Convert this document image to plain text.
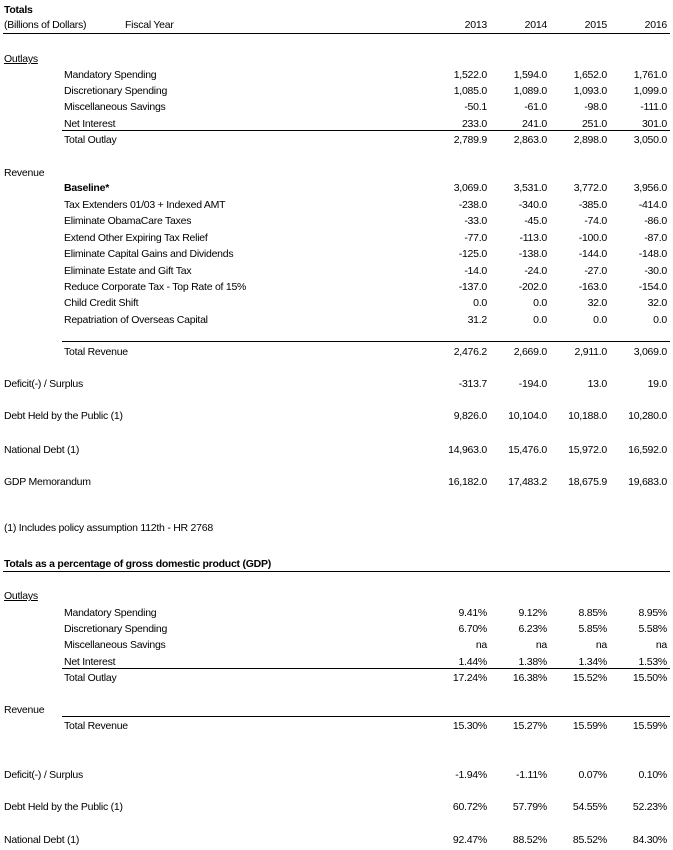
Totals
(Billions of Dollars)	Fiscal Year	2013	2014	2015	2016
Outlays
Mandatory Spending	1,522.0	1,594.0	1,652.0	1,761.0
Discretionary Spending	1,085.0	1,089.0	1,093.0	1,099.0
Miscellaneous Savings	-50.1	-61.0	-98.0	-111.0
Net Interest	233.0	241.0	251.0	301.0
Total Outlay	2,789.9	2,863.0	2,898.0	3,050.0
Revenue
Baseline*	3,069.0	3,531.0	3,772.0	3,956.0
Tax Extenders 01/03 + Indexed AMT	-238.0	-340.0	-385.0	-414.0
Eliminate ObamaCare Taxes	-33.0	-45.0	-74.0	-86.0
Extend Other Expiring Tax Relief	-77.0	-113.0	-100.0	-87.0
Eliminate Capital Gains and Dividends	-125.0	-138.0	-144.0	-148.0
Eliminate Estate and Gift Tax	-14.0	-24.0	-27.0	-30.0
Reduce Corporate Tax - Top Rate of 15%	-137.0	-202.0	-163.0	-154.0
Child Credit Shift	0.0	0.0	32.0	32.0
Repatriation of Overseas Capital	31.2	0.0	0.0	0.0
Total Revenue	2,476.2	2,669.0	2,911.0	3,069.0
Deficit(-) / Surplus	-313.7	-194.0	13.0	19.0
Debt Held by the Public (1)	9,826.0	10,104.0	10,188.0	10,280.0
National Debt (1)	14,963.0	15,476.0	15,972.0	16,592.0
GDP Memorandum	16,182.0	17,483.2	18,675.9	19,683.0
(1) Includes policy assumption 112th - HR 2768
Totals as a percentage of gross domestic product (GDP)
Outlays
Mandatory Spending	9.41%	9.12%	8.85%	8.95%
Discretionary Spending	6.70%	6.23%	5.85%	5.58%
Miscellaneous Savings	na	na	na	na
Net Interest	1.44%	1.38%	1.34%	1.53%
Total Outlay	17.24%	16.38%	15.52%	15.50%
Revenue
Total Revenue	15.30%	15.27%	15.59%	15.59%
Deficit(-) / Surplus	-1.94%	-1.11%	0.07%	0.10%
Debt Held by the Public (1)	60.72%	57.79%	54.55%	52.23%
National Debt (1)	92.47%	88.52%	85.52%	84.30%
